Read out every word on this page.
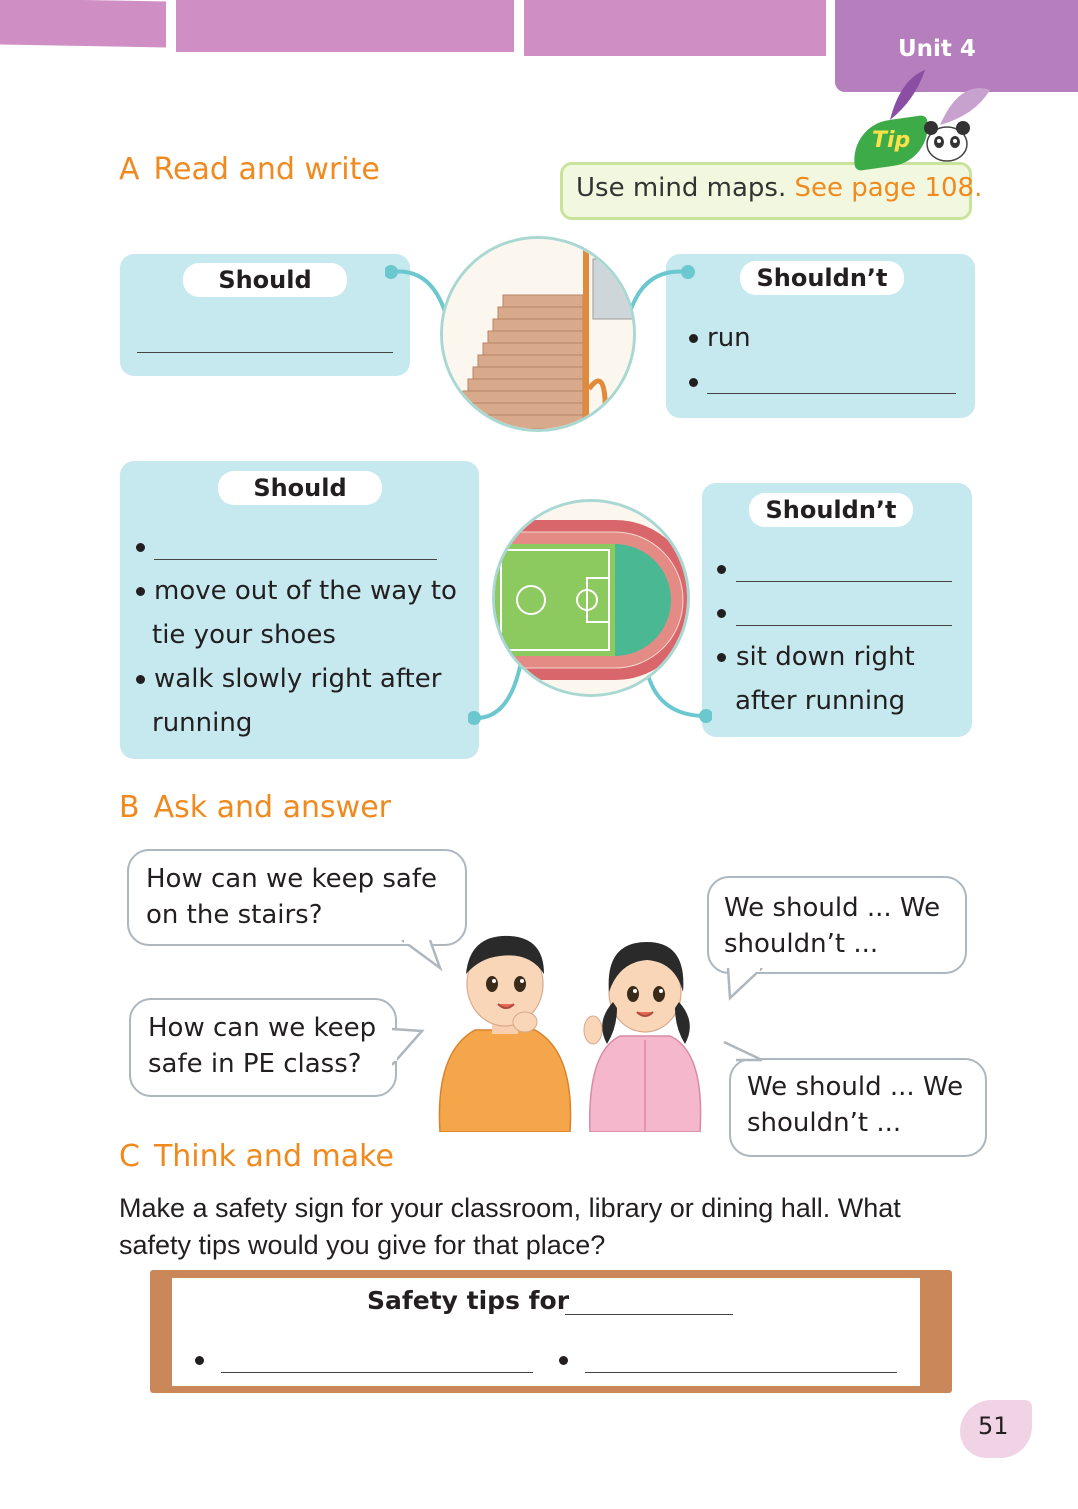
Unit 4
A Read and write
Tip
Use mind maps. See page 108.
Should	Shouldn’t
run
Should
move out of the way to
tie your shoes
walk slowly right after
running
Shouldn’t
sit down right
after running
B Ask and answer
How can we keep safe
on the stairs?
How can we keep
safe in PE class?
We should ... We
shouldn’t ...
We should ... We
shouldn’t ...
C Think and make
Make a safety sign for your classroom, library or dining hall. What safety tips would you give for that place?
Safety tips for
51
